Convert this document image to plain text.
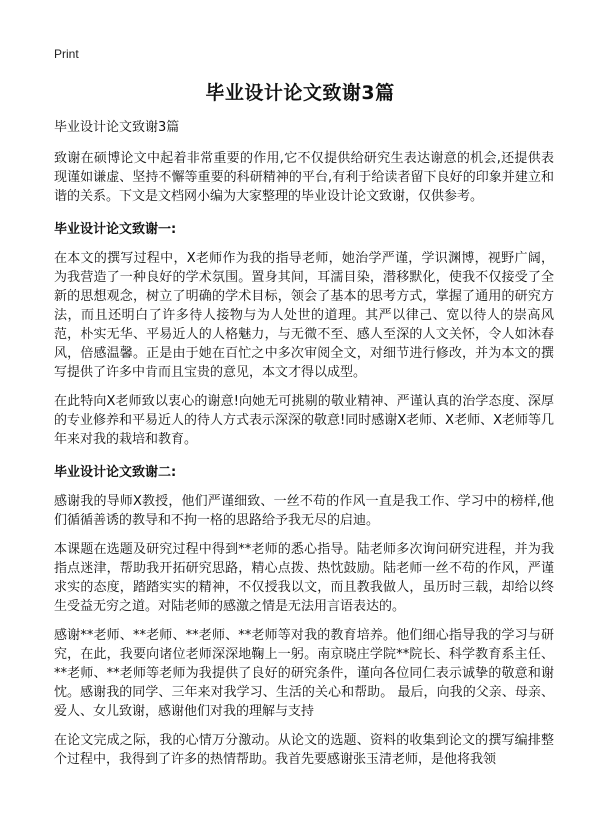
Print
毕业设计论文致谢3篇
毕业设计论文致谢3篇

致谢在硕博论文中起着非常重要的作用,它不仅提供给研究生表达谢意的机会,还提供表现谨如谦虚、坚持不懈等重要的科研精神的平台,有利于给读者留下良好的印象并建立和谐的关系。下文是文档网小编为大家整理的毕业设计论文致谢，仅供参考。

毕业设计论文致谢一:

在本文的撰写过程中，X老师作为我的指导老师，她治学严谨，学识渊博，视野广阔，为我营造了一种良好的学术氛围。置身其间，耳濡目染，潜移默化，使我不仅接受了全新的思想观念，树立了明确的学术目标，领会了基本的思考方式，掌握了通用的研究方法，而且还明白了许多待人接物与为人处世的道理。其严以律己、宽以待人的崇高风范，朴实无华、平易近人的人格魅力，与无微不至、感人至深的人文关怀，令人如沐春风，倍感温馨。正是由于她在百忙之中多次审阅全文，对细节进行修改，并为本文的撰写提供了许多中肯而且宝贵的意见，本文才得以成型。

在此特向X老师致以衷心的谢意!向她无可挑剔的敬业精神、严谨认真的治学态度、深厚的专业修养和平易近人的待人方式表示深深的敬意!同时感谢X老师、X老师、X老师等几年来对我的栽培和教育。

毕业设计论文致谢二:

感谢我的导师X教授，他们严谨细致、一丝不苟的作风一直是我工作、学习中的榜样,他们循循善诱的教导和不拘一格的思路给予我无尽的启迪。

本课题在选题及研究过程中得到**老师的悉心指导。陆老师多次询问研究进程，并为我指点迷津，帮助我开拓研究思路，精心点拨、热忱鼓励。陆老师一丝不苟的作风，严谨求实的态度，踏踏实实的精神，不仅授我以文，而且教我做人，虽历时三载，却给以终生受益无穷之道。对陆老师的感激之情是无法用言语表达的。

感谢**老师、**老师、**老师、**老师等对我的教育培养。他们细心指导我的学习与研究，在此，我要向诸位老师深深地鞠上一躬。南京晓庄学院**院长、科学教育系主任、**老师、**老师等老师为我提供了良好的研究条件，谨向各位同仁表示诚挚的敬意和谢忱。感谢我的同学、三年来对我学习、生活的关心和帮助。 最后，向我的父亲、母亲、爱人、女儿致谢，感谢他们对我的理解与支持

在论文完成之际，我的心情万分激动。从论文的选题、资料的收集到论文的撰写编排整个过程中，我得到了许多的热情帮助。我首先要感谢张玉清老师，是他将我领
